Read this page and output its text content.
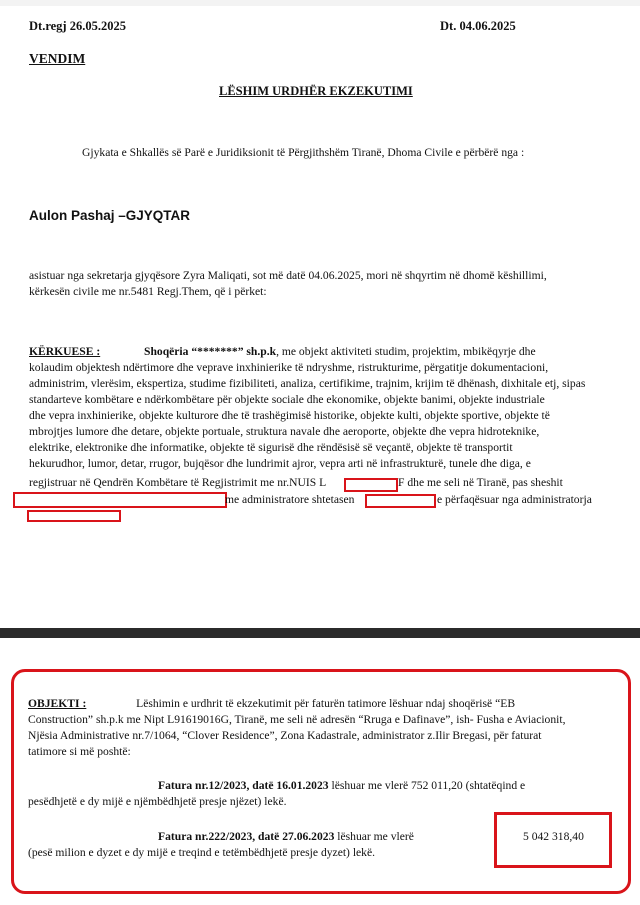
Dt.regj 26.05.2025	Dt. 04.06.2025
VENDIM
LËSHIM URDHËR EKZEKUTIMI
Gjykata e Shkallës së Parë e Juridiksionit të Përgjithshëm Tiranë, Dhoma Civile e përbërë nga :
Aulon Pashaj –GJYQTAR
asistuar nga sekretarja gjyqësore Zyra Maliqati, sot më datë 04.06.2025, mori në shqyrtim në dhomë këshillimi,
kërkesën civile me nr.5481 Regj.Them, që i përket:
KËRKUESE :	Shoqëria “*******” sh.p.k, me objekt aktiviteti studim, projektim, mbikëqyrje dhe
kolaudim objektesh ndërtimore dhe veprave inxhinierike të ndryshme, ristrukturime, përgatitje dokumentacioni,
administrim, vlerësim, ekspertiza, studime fizibiliteti, analiza, certifikime, trajnim, krijim të dhënash, dixhitale etj, sipas
standarteve kombëtare e ndërkombëtare për objekte sociale dhe ekonomike, objekte banimi, objekte industriale
dhe vepra inxhinierike, objekte kulturore dhe të trashëgimisë historike, objekte kulti, objekte sportive, objekte të
mbrojtjes lumore dhe detare, objekte portuale, struktura navale dhe aeroporte, objekte dhe vepra hidroteknike,
elektrike, elektronike dhe informatike, objekte të sigurisë dhe rëndësisë së veçantë, objekte të transportit
hekurudhor, lumor, detar, rrugor, bujqësor dhe lundrimit ajror, vepra arti në infrastrukturë, tunele dhe diga, e
regjistruar në Qendrën Kombëtare të Regjistrimit me nr.NUIS L	F dhe me seli në Tiranë, pas sheshit
me administratore shtetasen	e përfaqësuar nga administratorja
OBJEKTI :	Lëshimin e urdhrit të ekzekutimit për faturën tatimore lëshuar ndaj shoqërisë “EB
Construction” sh.p.k me Nipt L91619016G, Tiranë, me seli në adresën “Rruga e Dafinave”, ish- Fusha e Aviacionit,
Njësia Administrative nr.7/1064, “Clover Residence”, Zona Kadastrale, administrator z.Ilir Bregasi, për faturat
tatimore si më poshtë:
Fatura nr.12/2023, datë 16.01.2023 lëshuar me vlerë 752 011,20 (shtatëqind e
pesëdhjetë e dy mijë e njëmbëdhjetë presje njëzet) lekë.
Fatura nr.222/2023, datë 27.06.2023 lëshuar me vlerë
(pesë milion e dyzet e dy mijë e treqind e tetëmbëdhjetë presje dyzet) lekë.
5 042 318,40
